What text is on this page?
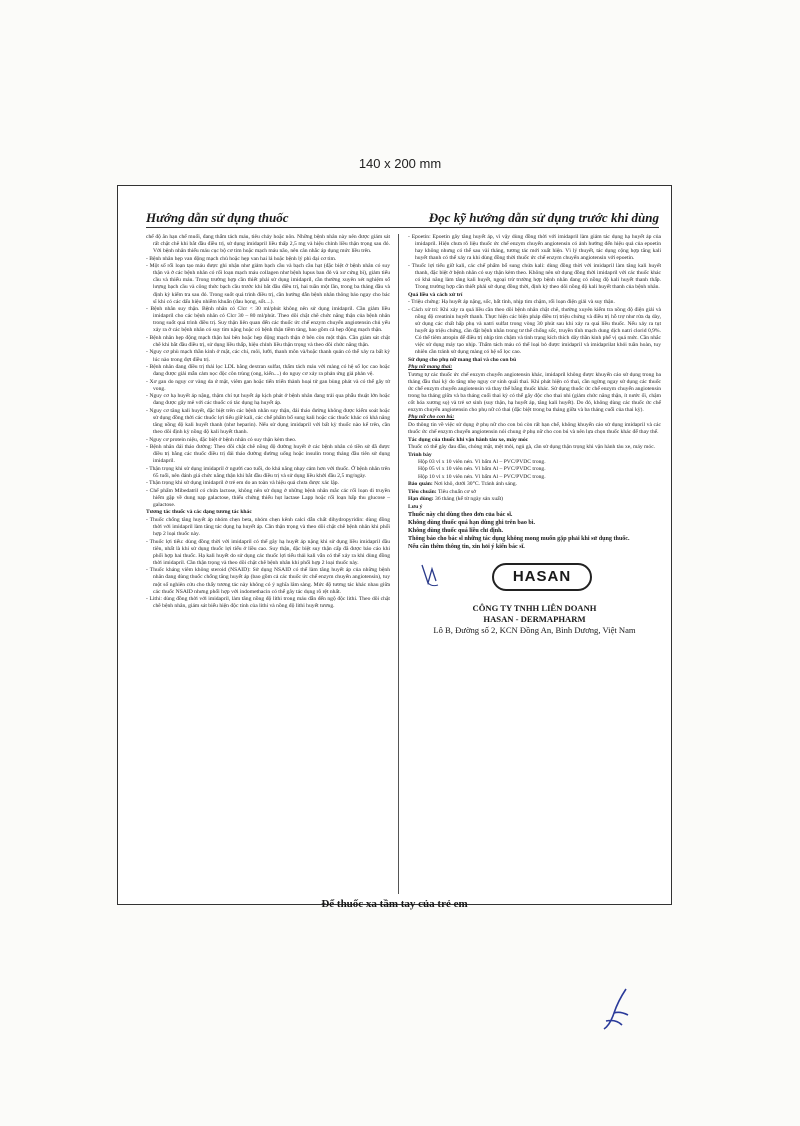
140 x 200 mm
Hướng dẫn sử dụng thuốc	Đọc kỹ hướng dẫn sử dụng trước khi dùng

chế độ ăn hạn chế muối, đang thẩm tách máu, tiêu chảy hoặc nôn. Những bệnh nhân này nên được giám sát rất chặt chẽ khi bắt đầu điều trị, sử dụng imidapril liều thấp 2,5 mg và hiệu chỉnh liều thận trọng sau đó. Với bệnh nhân thiếu máu cục bộ cơ tim hoặc mạch máu não, nên cân nhắc áp dụng mức liều trên.

- Bệnh nhân hẹp van động mạch chủ hoặc hẹp van hai lá hoặc bệnh lý phì đại cơ tim.

- Một số rối loạn tạo máu được ghi nhận như giảm bạch cầu và bạch cầu hạt (đặc biệt ở bệnh nhân có suy thận và ở các bệnh nhân có rối loạn mạch máu collagen như bệnh lupus ban đỏ và xơ cứng bì), giảm tiểu cầu và thiếu máu. Trong trường hợp cần thiết phải sử dụng imidapril, cần thường xuyên xét nghiệm số lượng bạch cầu và công thức bạch cầu trước khi bắt đầu điều trị, hai tuần một lần, trong ba tháng đầu và định kỳ kiểm tra sau đó. Trong suốt quá trình điều trị, cần hướng dẫn bệnh nhân thông báo ngay cho bác sĩ khi có các dấu hiệu nhiễm khuẩn (đau họng, sốt....).

- Bệnh nhân suy thận. Bệnh nhân có Clcr < 30 ml/phút không nên sử dụng imidapril. Cần giảm liều imidapril cho các bệnh nhân có Clcr 30 – 80 ml/phút. Theo dõi chặt chẽ chức năng thận của bệnh nhân trong suốt quá trình điều trị. Suy thận liên quan đến các thuốc ức chế enzym chuyển angiotensin chủ yếu xảy ra ở các bệnh nhân có suy tim nặng hoặc có bệnh thận tiềm tàng, bao gồm cả hẹp động mạch thận.

- Bệnh nhân hẹp động mạch thận hai bên hoặc hẹp động mạch thận ở bên còn một thận. Cần giám sát chặt chẽ khi bắt đầu điều trị, sử dụng liều thấp, hiệu chỉnh liều thận trọng và theo dõi chức năng thận.

- Nguy cơ phù mạch thần kinh ở mặt, các chi, môi, lưỡi, thanh môn và/hoặc thanh quản có thể xảy ra bất kỳ lúc nào trong đợt điều trị.

- Bệnh nhân đang điều trị thải lọc LDL bằng dextran sulfat, thẩm tách máu với màng có hệ số lọc cao hoặc đang được giải mẫn cảm nọc độc côn trùng (ong, kiến....) do nguy cơ xảy ra phản ứng giả phản vệ.

- Xơ gan do nguy cơ vàng da ứ mật, viêm gan hoặc tiến triển thành hoại tử gan bùng phát và có thể gây tử vong.

- Nguy cơ hạ huyết áp nặng, thậm chí tụt huyết áp kịch phát ở bệnh nhân đang trải qua phẫu thuật lớn hoặc đang được gây mê với các thuốc có tác dụng hạ huyết áp.

- Nguy cơ tăng kali huyết, đặc biệt trên các bệnh nhân suy thận, đái tháo đường không được kiểm soát hoặc sử dụng đồng thời các thuốc lợi tiểu giữ kali, các chế phẩm bổ sung kali hoặc các thuốc khác có khả năng tăng nồng độ kali huyết thanh (như heparin). Nếu sử dụng imidapril với bất kỳ thuốc nào kể trên, cần theo dõi định kỳ nồng độ kali huyết thanh.

- Nguy cơ protein niệu, đặc biệt ở bệnh nhân có suy thận kèm theo.

- Bệnh nhân đái tháo đường: Theo dõi chặt chẽ nồng độ đường huyết ở các bệnh nhân có tiền sử đã được điều trị bằng các thuốc điều trị đái tháo đường đường uống hoặc insulin trong tháng đầu tiên sử dụng imidapril.

- Thận trọng khi sử dụng imidapril ở người cao tuổi, do khả năng nhạy cảm hơn với thuốc. Ở bệnh nhân trên 65 tuổi, nên đánh giá chức năng thận khi bắt đầu điều trị và sử dụng liều khởi đầu 2,5 mg/ngày.

- Thận trọng khi sử dụng imidapril ở trẻ em do an toàn và hiệu quả chưa được xác lập.

- Chế phẩm Mibedatril có chứa lactose, không nên sử dụng ở những bệnh nhân mắc các rối loạn di truyền hiếm gặp về dung nạp galactose, thiếu chứng thiếu hụt lactase Lapp hoặc rối loạn hấp thu glucose – galactose.

Tương tác thuốc và các dạng tương tác khác

- Thuốc chống tăng huyết áp nhóm chẹn beta, nhóm chẹn kênh calci dẫn chất dihydropyridin: dùng đồng thời với imidapril làm tăng tác dụng hạ huyết áp. Cần thận trọng và theo dõi chặt chẽ bệnh nhân khi phối hợp 2 loại thuốc này.

- Thuốc lợi tiểu: dùng đồng thời với imidapril có thể gây hạ huyết áp nặng khi sử dụng liều imidapril đầu tiên, nhất là khi sử dụng thuốc lợi tiểu ở liều cao. Suy thận, đặc biệt suy thận cấp đã được báo cáo khi phối hợp hai thuốc. Hạ kali huyết do sử dụng các thuốc lợi tiểu thải kali vẫn có thể xảy ra khi dùng đồng thời imidapril. Cần thận trọng và theo dõi chặt chẽ bệnh nhân khi phối hợp 2 loại thuốc này.

- Thuốc kháng viêm không steroid (NSAID): Sử dụng NSAID có thể làm tăng huyết áp của những bệnh nhân đang dùng thuốc chống tăng huyết áp (bao gồm cả các thuốc ức chế enzym chuyển angiotensin), tuy một số nghiên cứu cho thấy tương tác này không có ý nghĩa lâm sàng. Mức độ tương tác khác nhau giữa các thuốc NSAID nhưng phối hợp với indomethacin có thể gây tác dụng rõ rệt nhất.

- Lithi: dùng đồng thời với imidapril, làm tăng nồng độ lithi trong máu dẫn đến ngộ độc lithi. Theo dõi chặt chẽ bệnh nhân, giám sát biểu hiện độc tính của lithi và nồng độ lithi huyết tương.

- Epoetin: Epoetin gây tăng huyết áp, vì vậy dùng đồng thời với imidapril làm giảm tác dụng hạ huyết áp của imidapril. Hiện chưa rõ liệu thuốc ức chế enzym chuyển angiotensin có ảnh hưởng đến hiệu quả của epoetin hay không nhưng có thể sau vài tháng, tương tác mới xuất hiện. Vì lý thuyết, tác dụng cộng hợp tăng kali huyết thanh có thể xảy ra khi dùng đồng thời thuốc ức chế enzym chuyển angiotensin với epoetin.

- Thuốc lợi tiểu giữ kali, các chế phẩm bổ sung chứa kali: dùng đồng thời với imidapril làm tăng kali huyết thanh, đặc biệt ở bệnh nhân có suy thận kèm theo. Không nên sử dụng đồng thời imidapril với các thuốc khác có khả năng làm tăng kali huyết, ngoại trừ trường hợp bệnh nhân đang có nồng độ kali huyết thanh thấp. Trong trường hợp cần thiết phải sử dụng đồng thời, định kỳ theo dõi nồng độ kali huyết thanh của bệnh nhân.

Quá liều và cách xử trí

- Triệu chứng: Hạ huyết áp nặng, sốc, bất tỉnh, nhịp tim chậm, rối loạn điện giải và suy thận.

- Cách xử trí: Khi xảy ra quá liều cần theo dõi bệnh nhân chặt chẽ, thường xuyên kiểm tra nồng độ điện giải và nồng độ creatinin huyết thanh. Thực hiện các biện pháp điều trị triệu chứng và điều trị hỗ trợ như rửa dạ dày, sử dụng các chất hấp phụ và natri sulfat trong vòng 30 phút sau khi xảy ra quá liều thuốc. Nếu xảy ra tụt huyết áp triệu chứng, cần đặt bệnh nhân trong tư thế chống sốc, truyền tĩnh mạch dung dịch natri clorid 0,9%. Có thể tiêm atropin để điều trị nhịp tim chậm và tình trạng kích thích dây thần kinh phế vị quá mức. Cần nhắc việc sử dụng máy tạo nhịp. Thẩm tách máu có thể loại bỏ được imidapril và imidaprilat khỏi tuần hoàn, tuy nhiên cần tránh sử dụng màng có hệ số lọc cao.

Sử dụng cho phụ nữ mang thai và cho con bú

Phụ nữ mang thai:

Tương tự các thuốc ức chế enzym chuyển angiotensin khác, imidapril không được khuyến cáo sử dụng trong ba tháng đầu thai kỳ do tăng nhẹ nguy cơ sinh quái thai. Khi phát hiện có thai, cần ngừng ngay sử dụng các thuốc ức chế enzym chuyển angiotensin và thay thế bằng thuốc khác. Sử dụng thuốc ức chế enzym chuyển angiotensin trong ba tháng giữa và ba tháng cuối thai kỳ có thể gây độc cho thai nhi (giảm chức năng thận, ít nước ối, chậm cốt hóa xương sọ) và trẻ sơ sinh (suy thận, hạ huyết áp, tăng kali huyết). Do đó, không dùng các thuốc ức chế enzym chuyển angiotensin cho phụ nữ có thai (đặc biệt trong ba tháng giữa và ba tháng cuối của thai kỳ).

Phụ nữ cho con bú:

Do thông tin về việc sử dụng ở phụ nữ cho con bú còn rất hạn chế, không khuyến cáo sử dụng imidapril và các thuốc ức chế enzym chuyển angiotensin nói chung ở phụ nữ cho con bú và nên lựa chọn thuốc khác để thay thế.

Tác dụng của thuốc khi vận hành tàu xe, máy móc

Thuốc có thể gây đau đầu, chóng mặt, mệt mỏi, ngủ gà, cần sử dụng thận trọng khi vận hành tàu xe, máy móc.

Trình bày

Hộp 03 vỉ x 10 viên nén. Vỉ bấm Al – PVC/PVDC trong.

Hộp 05 vỉ x 10 viên nén. Vỉ bấm Al – PVC/PVDC trong.

Hộp 10 vỉ x 10 viên nén. Vỉ bấm Al – PVC/PVDC trong.

Bảo quản: Nơi khô, dưới 30°C. Tránh ánh sáng.

Tiêu chuẩn: Tiêu chuẩn cơ sở

Hạn dùng: 36 tháng (kể từ ngày sản xuất)

Lưu ý

Thuốc này chỉ dùng theo đơn của bác sĩ.
Không dùng thuốc quá hạn dùng ghi trên bao bì.
Không dùng thuốc quá liều chỉ định.
Thông báo cho bác sĩ những tác dụng không mong muốn gặp phải khi sử dụng thuốc.
Nếu cần thêm thông tin, xin hỏi ý kiến bác sĩ.
HASAN
CÔNG TY TNHH LIÊN DOANH
HASAN - DERMAPHARM
Lô B, Đường số 2, KCN Đồng An, Bình Dương, Việt Nam
Để thuốc xa tầm tay của trẻ em
